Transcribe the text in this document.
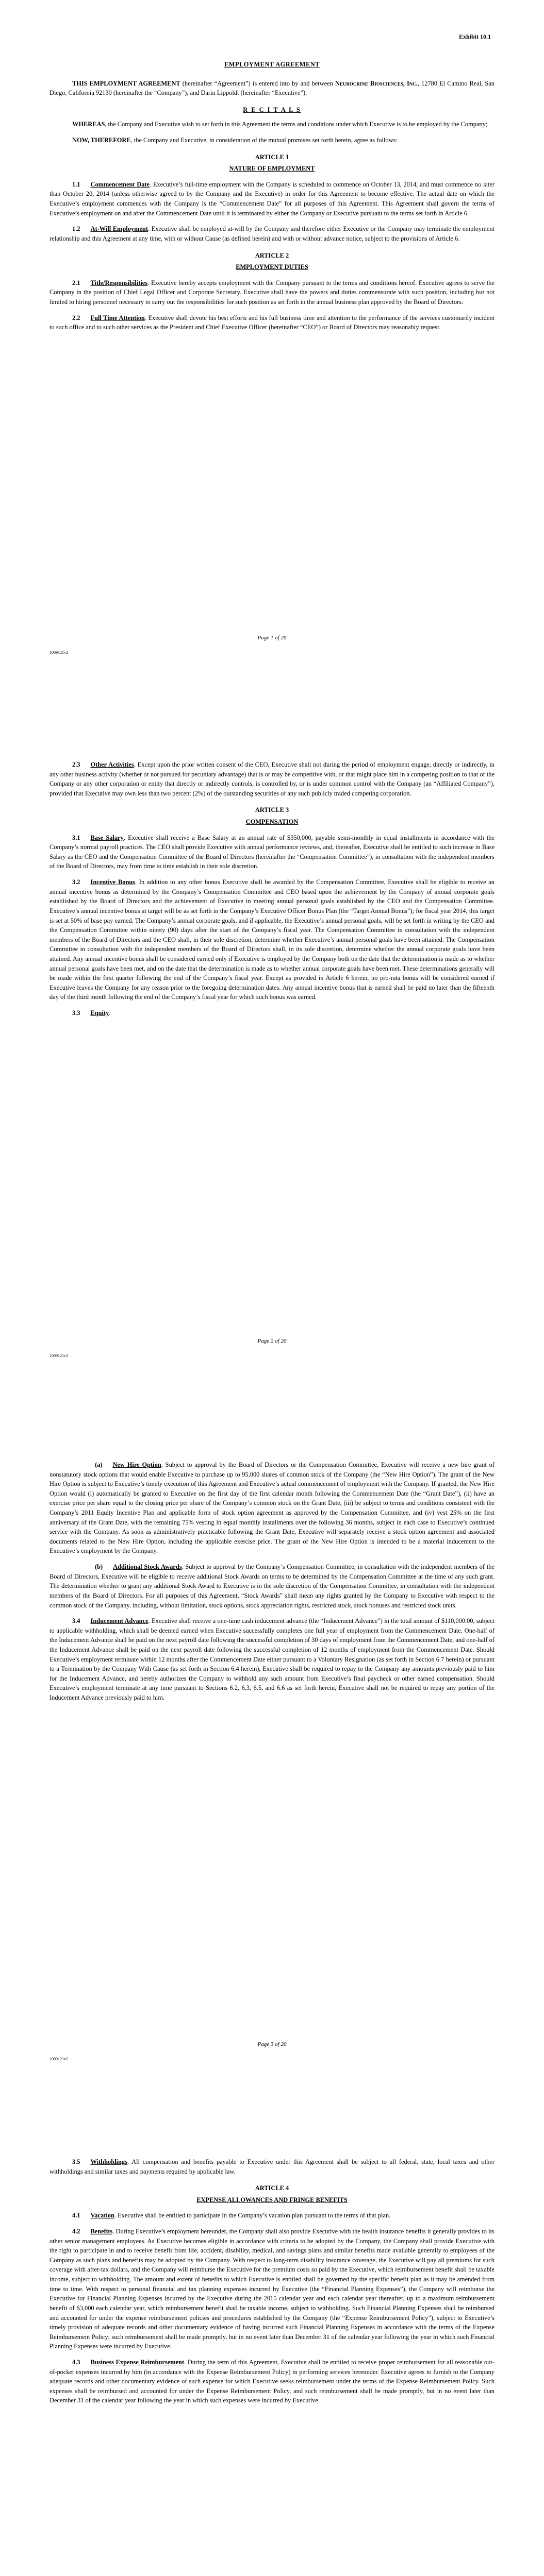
Exhibit 10.1
EMPLOYMENT AGREEMENT

THIS EMPLOYMENT AGREEMENT (hereinafter “Agreement”) is entered into by and between Neurocrine Biosciences, Inc., 12780 El Camino Real, San Diego, California 92130 (hereinafter the “Company”), and Darin Lippoldt (hereinafter “Executive”).

R E C I T A L S

WHEREAS, the Company and Executive wish to set forth in this Agreement the terms and conditions under which Executive is to be employed by the Company;

NOW, THEREFORE, the Company and Executive, in consideration of the mutual promises set forth herein, agree as follows:

ARTICLE 1
NATURE OF EMPLOYMENT

1.1 Commencement Date. Executive’s full-time employment with the Company is scheduled to commence on October 13, 2014, and must commence no later than October 20, 2014 (unless otherwise agreed to by the Company and the Executive) in order for this Agreement to become effective. The actual date on which the Executive’s employment commences with the Company is the “Commencement Date” for all purposes of this Agreement. This Agreement shall govern the terms of Executive’s employment on and after the Commencement Date until it is terminated by either the Company or Executive pursuant to the terms set forth in Article 6.

1.2 At-Will Employment. Executive shall be employed at-will by the Company and therefore either Executive or the Company may terminate the employment relationship and this Agreement at any time, with or without Cause (as defined herein) and with or without advance notice, subject to the provisions of Article 6.

ARTICLE 2
EMPLOYMENT DUTIES

2.1 Title/Responsibilities. Executive hereby accepts employment with the Company pursuant to the terms and conditions hereof. Executive agrees to serve the Company in the position of Chief Legal Officer and Corporate Secretary. Executive shall have the powers and duties commensurate with such position, including but not limited to hiring personnel necessary to carry out the responsibilities for such position as set forth in the annual business plan approved by the Board of Directors.

2.2 Full Time Attention. Executive shall devote his best efforts and his full business time and attention to the performance of the services customarily incident to such office and to such other services as the President and Chief Executive Officer (hereinafter “CEO”) or Board of Directors may reasonably request.

Page 1 of 20
1009121v2

2.3 Other Activities. Except upon the prior written consent of the CEO, Executive shall not during the period of employment engage, directly or indirectly, in any other business activity (whether or not pursued for pecuniary advantage) that is or may be competitive with, or that might place him in a competing position to that of the Company or any other corporation or entity that directly or indirectly controls, is controlled by, or is under common control with the Company (an “Affiliated Company”), provided that Executive may own less than two percent (2%) of the outstanding securities of any such publicly traded competing corporation.

ARTICLE 3
COMPENSATION

3.1 Base Salary. Executive shall receive a Base Salary at an annual rate of $350,000, payable semi-monthly in equal installments in accordance with the Company’s normal payroll practices. The CEO shall provide Executive with annual performance reviews, and, thereafter, Executive shall be entitled to such increase in Base Salary as the CEO and the Compensation Committee of the Board of Directors (hereinafter the “Compensation Committee”), in consultation with the independent members of the Board of Directors, may from time to time establish in their sole discretion.

3.2 Incentive Bonus. In addition to any other bonus Executive shall be awarded by the Compensation Committee, Executive shall be eligible to receive an annual incentive bonus as determined by the Company’s Compensation Committee and CEO based upon the achievement by the Company of annual corporate goals established by the Board of Directors and the achievement of Executive in meeting annual personal goals established by the CEO and the Compensation Committee. Executive’s annual incentive bonus at target will be as set forth in the Company’s Executive Officer Bonus Plan (the “Target Annual Bonus”); for fiscal year 2014, this target is set at 50% of base pay earned. The Company’s annual corporate goals, and if applicable, the Executive’s annual personal goals, will be set forth in writing by the CEO and the Compensation Committee within ninety (90) days after the start of the Company’s fiscal year. The Compensation Committee in consultation with the independent members of the Board of Directors and the CEO shall, in their sole discretion, determine whether Executive’s annual personal goals have been attained. The Compensation Committee in consultation with the independent members of the Board of Directors shall, in its sole discretion, determine whether the annual corporate goals have been attained. Any annual incentive bonus shall be considered earned only if Executive is employed by the Company both on the date that the determination is made as to whether annual personal goals have been met, and on the date that the determination is made as to whether annual corporate goals have been met. These determinations generally will be made within the first quarter following the end of the Company’s fiscal year. Except as provided in Article 6 herein, no pro-rata bonus will be considered earned if Executive leaves the Company for any reason prior to the foregoing determination dates. Any annual incentive bonus that is earned shall be paid no later than the fifteenth day of the third month following the end of the Company’s fiscal year for which such bonus was earned.

3.3 Equity.

Page 2 of 20
1009121v2

(a) New Hire Option. Subject to approval by the Board of Directors or the Compensation Committee, Executive will receive a new hire grant of nonstatutory stock options that would enable Executive to purchase up to 95,000 shares of common stock of the Company (the “New Hire Option”). The grant of the New Hire Option is subject to Executive’s timely execution of this Agreement and Executive’s actual commencement of employment with the Company. If granted, the New Hire Option would (i) automatically be granted to Executive on the first day of the first calendar month following the Commencement Date (the “Grant Date”), (ii) have an exercise price per share equal to the closing price per share of the Company’s common stock on the Grant Date, (iii) be subject to terms and conditions consistent with the Company’s 2011 Equity Incentive Plan and applicable form of stock option agreement as approved by the Compensation Committee, and (iv) vest 25% on the first anniversary of the Grant Date, with the remaining 75% vesting in equal monthly installments over the following 36 months, subject in each case to Executive’s continued service with the Company. As soon as administratively practicable following the Grant Date, Executive will separately receive a stock option agreement and associated documents related to the New Hire Option, including the applicable exercise price. The grant of the New Hire Option is intended to be a material inducement to the Executive’s employment by the Company.

(b) Additional Stock Awards. Subject to approval by the Company’s Compensation Committee, in consultation with the independent members of the Board of Directors, Executive will be eligible to receive additional Stock Awards on terms to be determined by the Compensation Committee at the time of any such grant. The determination whether to grant any additional Stock Award to Executive is in the sole discretion of the Compensation Committee, in consultation with the independent members of the Board of Directors. For all purposes of this Agreement, “Stock Awards” shall mean any rights granted by the Company to Executive with respect to the common stock of the Company, including, without limitation, stock options, stock appreciation rights, restricted stock, stock bonuses and restricted stock units.

3.4 Inducement Advance. Executive shall receive a one-time cash inducement advance (the “Inducement Advance”) in the total amount of $110,000.00, subject to applicable withholding, which shall be deemed earned when Executive successfully completes one full year of employment from the Commencement Date. One-half of the Inducement Advance shall be paid on the next payroll date following the successful completion of 30 days of employment from the Commencement Date, and one-half of the Inducement Advance shall be paid on the next payroll date following the successful completion of 12 months of employment from the Commencement Date. Should Executive’s employment terminate within 12 months after the Commencement Date either pursuant to a Voluntary Resignation (as set forth in Section 6.7 herein) or pursuant to a Termination by the Company With Cause (as set forth in Section 6.4 herein), Executive shall be required to repay to the Company any amounts previously paid to him for the Inducement Advance, and hereby authorizes the Company to withhold any such amount from Executive’s final paycheck or other earned compensation. Should Executive’s employment terminate at any time pursuant to Sections 6.2, 6.3, 6.5, and 6.6 as set forth herein, Executive shall not be required to repay any portion of the Inducement Advance previously paid to him.

Page 3 of 20
1009121v2

3.5 Withholdings. All compensation and benefits payable to Executive under this Agreement shall be subject to all federal, state, local taxes and other withholdings and similar taxes and payments required by applicable law.

ARTICLE 4
EXPENSE ALLOWANCES AND FRINGE BENEFITS

4.1 Vacation. Executive shall be entitled to participate in the Company’s vacation plan pursuant to the terms of that plan.

4.2 Benefits. During Executive’s employment hereunder, the Company shall also provide Executive with the health insurance benefits it generally provides to its other senior management employees. As Executive becomes eligible in accordance with criteria to be adopted by the Company, the Company shall provide Executive with the right to participate in and to receive benefit from life, accident, disability, medical, and savings plans and similar benefits made available generally to employees of the Company as such plans and benefits may be adopted by the Company. With respect to long-term disability insurance coverage, the Executive will pay all premiums for such coverage with after-tax dollars, and the Company will reimburse the Executive for the premium costs so paid by the Executive, which reimbursement benefit shall be taxable income, subject to withholding. The amount and extent of benefits to which Executive is entitled shall be governed by the specific benefit plan as it may be amended from time to time. With respect to personal financial and tax planning expenses incurred by Executive (the “Financial Planning Expenses”), the Company will reimburse the Executive for Financial Planning Expenses incurred by the Executive during the 2015 calendar year and each calendar year thereafter, up to a maximum reimbursement benefit of $3,000 each calendar year, which reimbursement benefit shall be taxable income, subject to withholding. Such Financial Planning Expenses shall be reimbursed and accounted for under the expense reimbursement policies and procedures established by the Company (the “Expense Reimbursement Policy”), subject to Executive’s timely provision of adequate records and other documentary evidence of having incurred such Financial Planning Expenses in accordance with the terms of the Expense Reimbursement Policy; such reimbursement shall be made promptly, but in no event later than December 31 of the calendar year following the year in which such Financial Planning Expenses were incurred by Executive.

4.3 Business Expense Reimbursement. During the term of this Agreement, Executive shall be entitled to receive proper reimbursement for all reasonable out-of-pocket expenses incurred by him (in accordance with the Expense Reimbursement Policy) in performing services hereunder. Executive agrees to furnish to the Company adequate records and other documentary evidence of such expense for which Executive seeks reimbursement under the terms of the Expense Reimbursement Policy. Such expenses shall be reimbursed and accounted for under the Expense Reimbursement Policy, and such reimbursement shall be made promptly, but in no event later than December 31 of the calendar year following the year in which such expenses were incurred by Executive.
